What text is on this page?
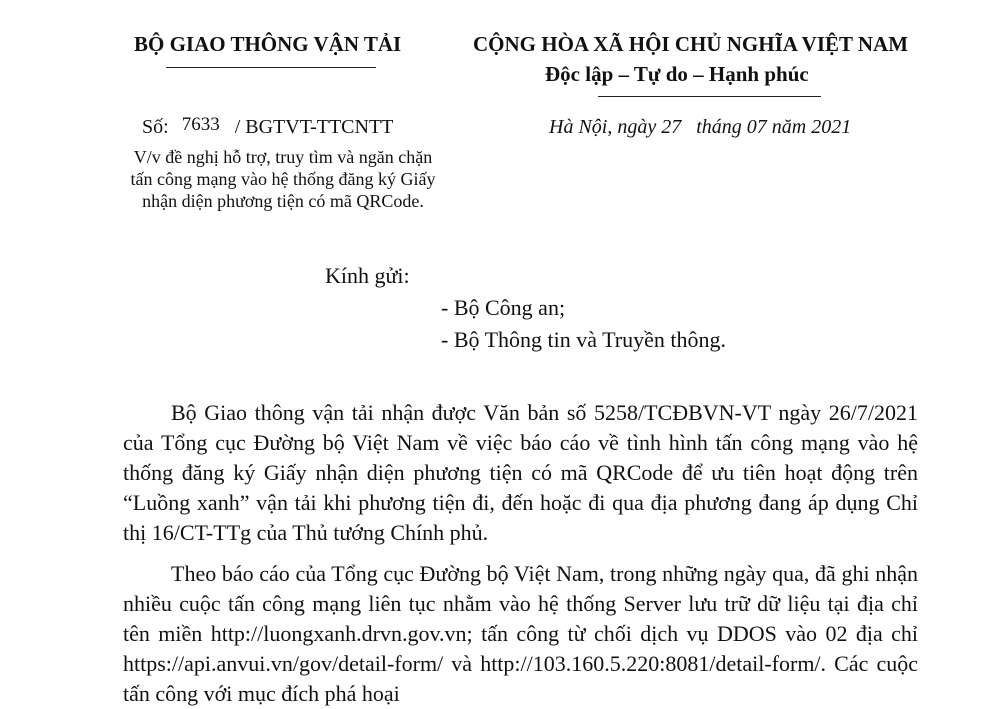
BỘ GIAO THÔNG VẬN TẢI	CỘNG HÒA XÃ HỘI CHỦ NGHĨA VIỆT NAM
Độc lập – Tự do – Hạnh phúc
Số: 7633 / BGTVT-TTCNTT	Hà Nội, ngày 27 tháng 07 năm 2021
V/v đề nghị hỗ trợ, truy tìm và ngăn chặn
tấn công mạng vào hệ thống đăng ký Giấy
nhận diện phương tiện có mã QRCode.
Kính gửi:
- Bộ Công an;
- Bộ Thông tin và Truyền thông.

Bộ Giao thông vận tải nhận được Văn bản số 5258/TCĐBVN-VT ngày 26/7/2021 của Tổng cục Đường bộ Việt Nam về việc báo cáo về tình hình tấn công mạng vào hệ thống đăng ký Giấy nhận diện phương tiện có mã QRCode để ưu tiên hoạt động trên “Luồng xanh” vận tải khi phương tiện đi, đến hoặc đi qua địa phương đang áp dụng Chỉ thị 16/CT-TTg của Thủ tướng Chính phủ.

Theo báo cáo của Tổng cục Đường bộ Việt Nam, trong những ngày qua, đã ghi nhận nhiều cuộc tấn công mạng liên tục nhằm vào hệ thống Server lưu trữ dữ liệu tại địa chỉ tên miền http://luongxanh.drvn.gov.vn; tấn công từ chối dịch vụ DDOS vào 02 địa chỉ https://api.anvui.vn/gov/detail-form/ và http://103.160.5.220:8081/detail-form/. Các cuộc tấn công với mục đích phá hoại
